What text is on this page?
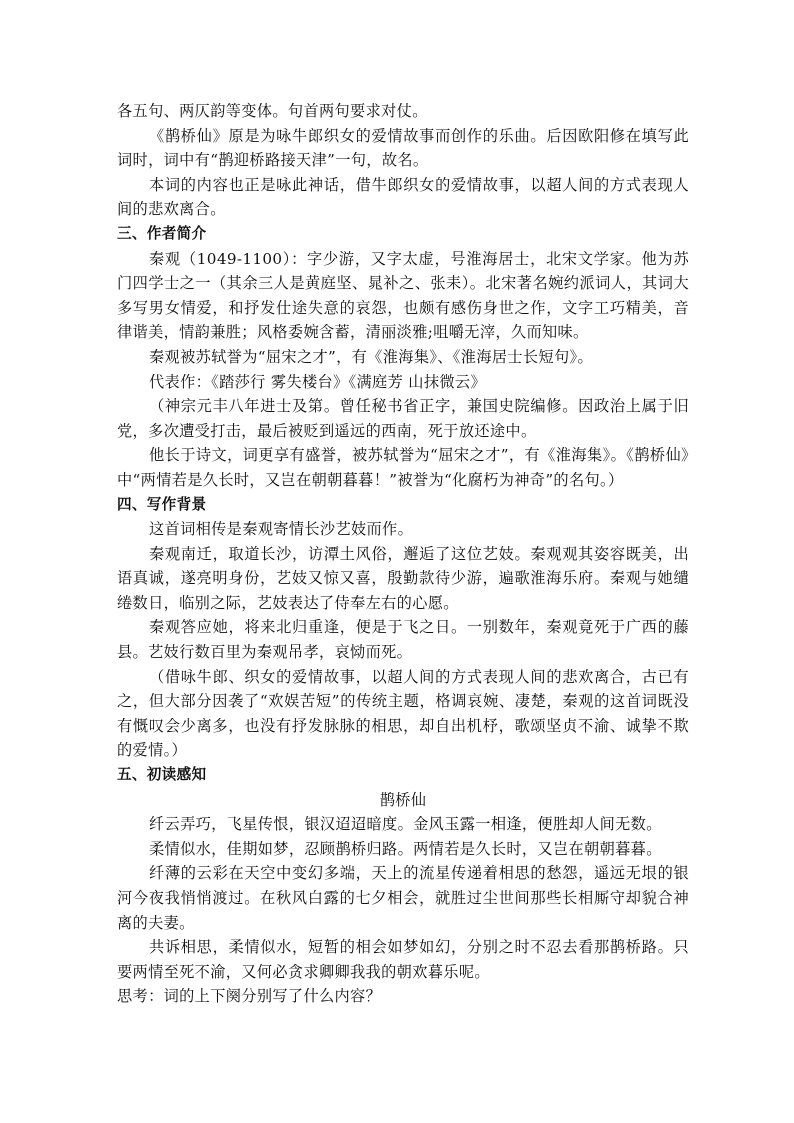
各五句、两仄韵等变体。句首两句要求对仗。

《鹊桥仙》原是为咏牛郎织女的爱情故事而创作的乐曲。后因欧阳修在填写此词时，词中有“鹊迎桥路接天津”一句，故名。

本词的内容也正是咏此神话，借牛郎织女的爱情故事，以超人间的方式表现人间的悲欢离合。

三、作者简介

秦观（1049-1100）：字少游，又字太虚，号淮海居士，北宋文学家。他为苏门四学士之一（其余三人是黄庭坚、晁补之、张耒）。北宋著名婉约派词人，其词大多写男女情爱，和抒发仕途失意的哀怨，也颇有感伤身世之作，文字工巧精美，音律谐美，情韵兼胜；风格委婉含蓄，清丽淡雅;咀嚼无滓，久而知味。

秦观被苏轼誉为“屈宋之才”，有《淮海集》、《淮海居士长短句》。

代表作：《踏莎行 雾失楼台》《满庭芳 山抹微云》

（神宗元丰八年进士及第。曾任秘书省正字，兼国史院编修。因政治上属于旧党，多次遭受打击，最后被贬到遥远的西南，死于放还途中。

他长于诗文，词更享有盛誉，被苏轼誉为“屈宋之才”，有《淮海集》。《鹊桥仙》中“两情若是久长时，又岂在朝朝暮暮！”被誉为“化腐朽为神奇”的名句。）

四、写作背景

这首词相传是秦观寄情长沙艺妓而作。

秦观南迁，取道长沙，访潭土风俗，邂逅了这位艺妓。秦观观其姿容既美，出语真诚，遂亮明身份，艺妓又惊又喜，殷勤款待少游，遍歌淮海乐府。秦观与她缱绻数日，临别之际，艺妓表达了侍奉左右的心愿。

秦观答应她，将来北归重逢，便是于飞之日。一别数年，秦观竟死于广西的藤县。艺妓行数百里为秦观吊孝，哀恸而死。

（借咏牛郎、织女的爱情故事，以超人间的方式表现人间的悲欢离合，古已有之，但大部分因袭了“欢娱苦短”的传统主题，格调哀婉、凄楚，秦观的这首词既没有慨叹会少离多，也没有抒发脉脉的相思，却自出机杼，歌颂坚贞不渝、诚挚不欺的爱情。）

五、初读感知

鹊桥仙

纤云弄巧，飞星传恨，银汉迢迢暗度。金风玉露一相逢，便胜却人间无数。

柔情似水，佳期如梦，忍顾鹊桥归路。两情若是久长时，又岂在朝朝暮暮。

纤薄的云彩在天空中变幻多端，天上的流星传递着相思的愁怨，遥远无垠的银河今夜我悄悄渡过。在秋风白露的七夕相会，就胜过尘世间那些长相厮守却貌合神离的夫妻。

共诉相思，柔情似水，短暂的相会如梦如幻，分别之时不忍去看那鹊桥路。只要两情至死不渝，又何必贪求卿卿我我的朝欢暮乐呢。

思考：词的上下阕分别写了什么内容？
